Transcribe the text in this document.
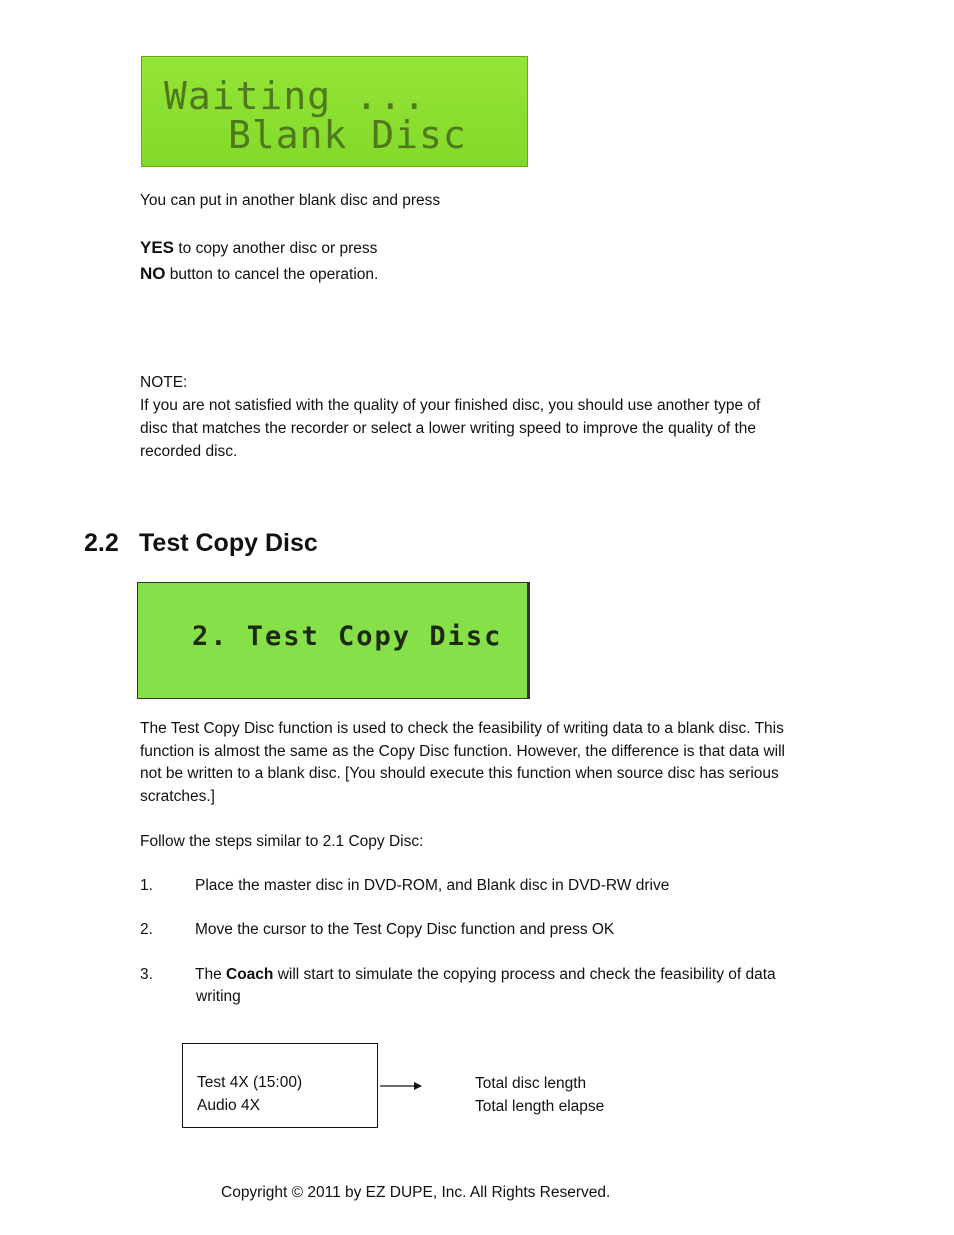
Waiting ...
Blank Disc
You can put in another blank disc and press
YES to copy another disc or press
NO button to cancel the operation.
NOTE:
If you are not satisfied with the quality of your finished disc, you should use another type of
disc that matches the recorder or select a lower writing speed to improve the quality of the
recorded disc.
2.2 Test Copy Disc
2. Test Copy Disc
The Test Copy Disc function is used to check the feasibility of writing data to a blank disc. This
function is almost the same as the Copy Disc function. However, the difference is that data will
not be written to a blank disc. [You should execute this function when source disc has serious
scratches.]
Follow the steps similar to 2.1 Copy Disc:
1.	Place the master disc in DVD-ROM, and Blank disc in DVD-RW drive
2.	Move the cursor to the Test Copy Disc function and press OK
3.	The Coach will start to simulate the copying process and check the feasibility of data
writing
Test 4X (15:00)
Audio 4X
Total disc length
Total length elapse
Copyright © 2011 by EZ DUPE, Inc. All Rights Reserved.
